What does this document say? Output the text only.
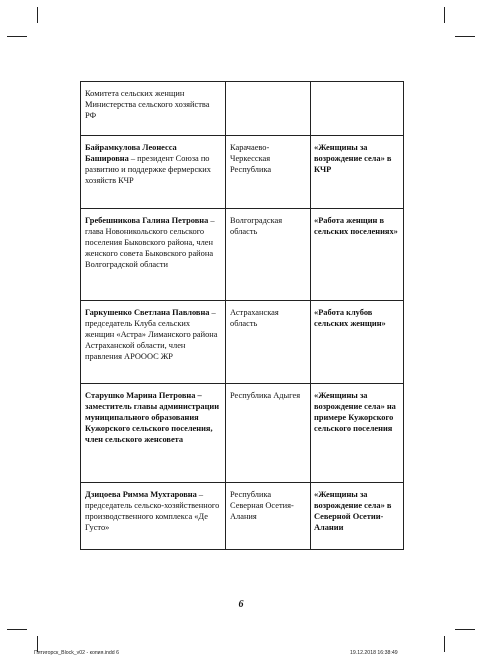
Комитета сельских женщин Министерства сельского хозяйства РФ		
Байрамкулова Леонесса Башировна – президент Союза по развитию и поддержке фермерских хозяйств КЧР	Карачаево-Черкесская Республика	«Женщины за возрождение села» в КЧР
Гребешникова Галина Петровна – глава Новоникольского сельского поселения Быковского района, член женского совета Быковского района Волгоградской области	Волгоградская область	«Работа женщин в сельских поселениях»
Гаркушенко Светлана Павловна – председатель Клуба сельских женщин «Астра» Лиманского района Астраханской области, член правления АРОООС ЖР	Астраханская область	«Работа клубов сельских женщин»
Старушко Марина Петровна – заместитель главы администрации муниципального образования Кужорского сельского поселения, член сельского женсовета	Республика Адыгея	«Женщины за возрождение села» на примере Кужорского сельского поселения
Дзицоева Римма Мухтаровна – председатель сельско-хозяйственного производственного комплекса «Де Густо»	Республика Северная Осетия-Алания	«Женщины за возрождение села» в Северной Осетии-Алании
6
Пятигорск_Block_v02 - копия.indd 6	19.12.2018 16:38:49
